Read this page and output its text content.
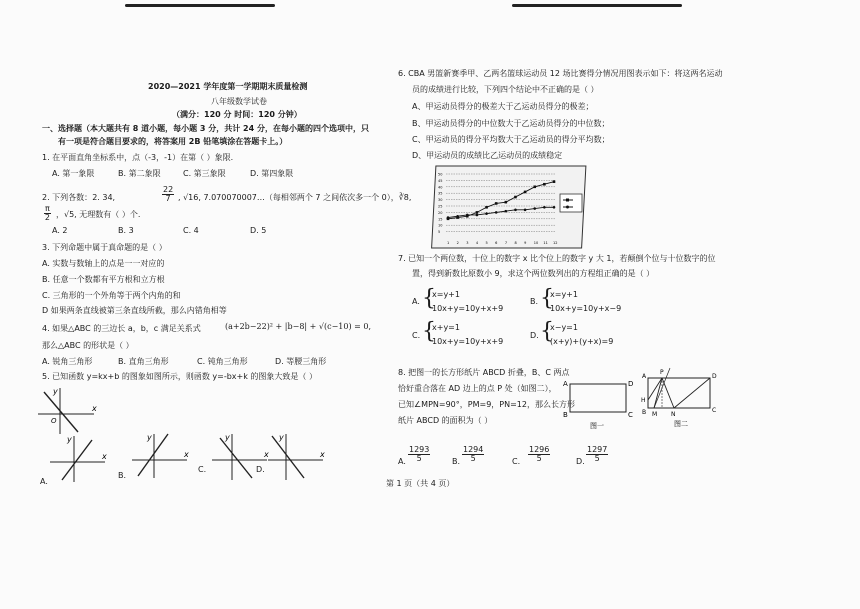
2020—2021 学年度第一学期期末质量检测
八年级数学试卷
（满分：120 分 时间：120 分钟）
一、选择题（本大题共有 8 道小题，每小题 3 分，共计 24 分，在每小题的四个选项中，只
有一项是符合题目要求的，将答案用 2B 铅笔填涂在答题卡上。）
1. 在平面直角坐标系中，点（-3，-1）在第（ ）象限.
A. 第一象限	B. 第二象限	C. 第三象限	D. 第四象限
2. 下列各数：2. 34,	$\frac{22}{7}$ , √16, 7.070070007…（每相邻两个 7 之间依次多一个 0），∛8,
$\frac{\pi}{2}$ ，√5, 无理数有（ ）个.
A. 2	B. 3	C. 4	D. 5
3. 下列命题中属于真命题的是（ ）
A. 实数与数轴上的点是一一对应的
B. 任意一个数都有平方根和立方根
C. 三角形的一个外角等于两个内角的和
D 如果两条直线被第三条直线所截，那么内错角相等
4. 如果△ABC 的三边长 a，b，c 满足关系式	(a+2b−22)² + |b−8| + √(c−10) = 0,
那么△ABC 的形状是（ ）
A. 锐角三角形	B. 直角三角形	C. 钝角三角形	D. 等腰三角形
5. 已知函数 y=kx+b 的图象如图所示，则函数 y=-bx+k 的图象大致是（ ）
x
y
O
x
y
A.
x
y
B.
x
y
C.
x
y
D.
6. CBA 男篮新赛季甲、乙两名篮球运动员 12 场比赛得分情况用图表示如下：将这两名运动
员的成绩进行比较，下列四个结论中不正确的是（ ）
A、甲运动员得分的极差大于乙运动员得分的极差；
B、甲运动员得分的中位数大于乙运动员得分的中位数；
C、甲运动员的得分平均数大于乙运动员的得分平均数；
D、甲运动员的成绩比乙运动员的成绩稳定
5
10
15
20
25
30
35
40
45
50
1 2 3 4 5 6 7 8 9 10 11 12
7. 已知一个两位数，十位上的数字 x 比个位上的数字 y 大 1，若颠倒个位与十位数字的位
置，得到新数比原数小 9，求这个两位数列出的方程组正确的是（ ）
A. {
x=y+1
10x+y=10y+x+9
B. {
x=y+1
10x+y=10y+x−9
C. {
x+y=1
10x+y=10y+x+9
D. {
x−y=1
(x+y)+(y+x)=9
8. 把图一的长方形纸片 ABCD 折叠，B、C 两点
恰好重合落在 AD 边上的点 P 处（如图二），
已知∠MPN=90°，PM=9，PN=12，那么长方形
纸片 ABCD 的面积为（ ）
A	D
B	C
图一
A
P
D
H
B M N
C
图二
A. $\frac{1293}{5}$	B. $\frac{1294}{5}$	C. $\frac{1296}{5}$	D. $\frac{1297}{5}$
第 1 页（共 4 页）
